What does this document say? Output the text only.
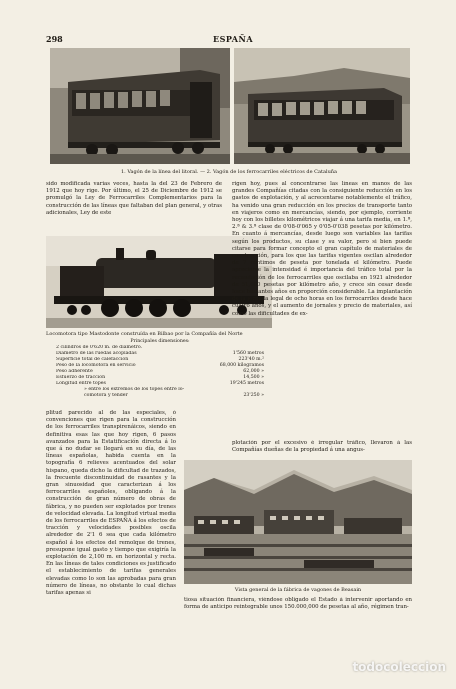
298	ESPAÑA
1. Vagón de la línea del litoral. — 2. Vagón de los ferrocarriles eléctricos de Cataluña

sido modificada varias veces, hasta la del 23 de Febrero de 1912 que hoy rige. Por último, el 25 de Diciembre de 1912 se promulgó la Ley de Ferrocarriles Complementarios para la construcción de las líneas que faltaban del plan general, y otras adicionales, Ley de este

Locomotora tipo Mastodonte construída en Bilbao por la Compañía del Norte
Principales dimensiones:
2 cilindros de 0'620 m. de diámetro.
Diámetro de las ruedas acopladas	1'560 metros
Superficie total de calefacción	223'40 m.²
Peso de la locomotora en servicio	68,000 kilogramos
Peso adherente	62,000 »
Esfuerzo de tracción	14,500 »
Longitud entre topes	19'245 metros
» entre los extremos de los topes entre lo-
comotora y ténder	23'250 »

rigen hoy, pues al concentrarse las líneas en manos de las grandes Compañías citadas con la consiguiente reducción en los gastos de explotación, y al acrecentarse notablemente el tráfico, ha venido una gran reducción en los precios de transporte tanto en viajeros como en mercancías, siendo, por ejemplo, corriente hoy con los billetes kilométricos viajar á una tarifa media, en 1.ª, 2.ª & 3.ª clase de 0'08-0'065 y 0'05-0'038 pesetas por kilómetro. En cuanto á mercancías, desde luego son variables las tarifas según los productos, su clase y su valor, pero si bien puede citarse para formar concepto el gran capítulo de materiales de construcción, para los que las tarifas vigentes oscilan alrededor de 7 céntimos de peseta por tonelada el kilómetro. Puede apreciarse la intensidad é importancia del tráfico total por la recaudación de los ferrocarriles que oscilaba en 1921 alrededor de 51,000 pesetas por kilómetro año, y crece sin cesar desde hace bastantes años en proporción considerable. La implantación de la jornada legal de ocho horas en los ferrocarriles desde hace cuatro años, y el aumento de jornales y precio de materiales, así como las dificultades de ex-

plotación por el excesivo é irregular tráfico, llevaron á las Compañías dueñas de la propiedad á una angus-

plitud parecido al de las especiales, ó convenciones que rigen para la construcción de los ferrocarriles transpirenáicos, siendo en definitiva esas las que hoy rigen, 6 pasos avanzados para la Estatificación directa á lo que á no dudar se llegará en su día, de las líneas españolas, habida cuenta en la topografía 6 relieves acentuados del solar hispano, queda dicho la dificultad de trazados, la frecuente discontinuidad de rasantes y la gran sinuosidad que caracterizan á los ferrocarriles españoles, obligando á la construcción de gran número de obras de fábrica, y no pueden ser explotados por trenes de velocidad elevada. La longitud virtual media de los ferrocarriles de ESPAÑA á los efectos de tracción y velocidades posibles oscila alrededor de 2'1 6 sea que cada kilómetro español á los efectos del remolque de trenes, presupone igual gasto y tiempo que exigiría la explotación de 2,100 m. en horizontal y recta. En las líneas de tales condiciones es justificado el establecimiento de tarifas generales elevadas como lo son las aprobadas para gran número de líneas, no obstante lo cual dichas tarifas apenas si

Vista general de la fábrica de vagones de Beasain

tiosa situación financiera, viéndose obligado el Estado á intervenir aportando en forma de anticipo reintegrable unos 150.000,000 de pesetas al año, régimen tran-

todocoleccion
